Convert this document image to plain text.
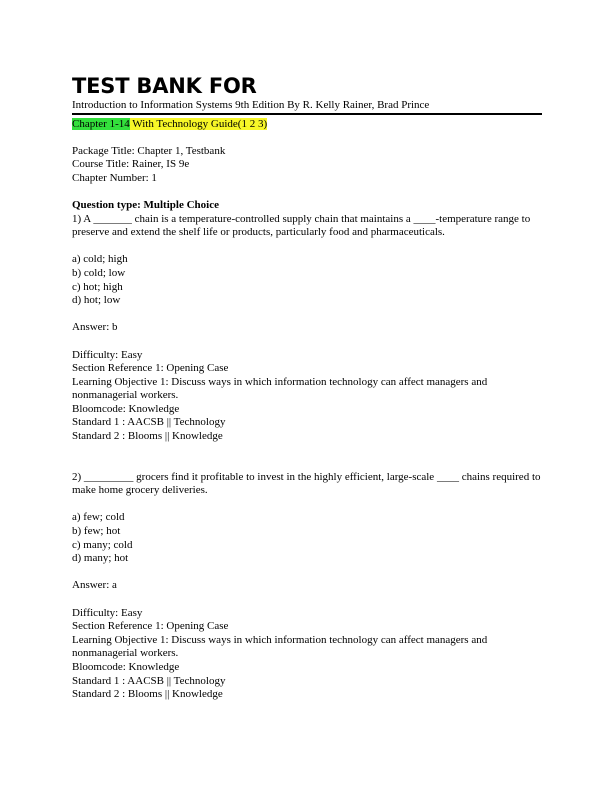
TEST BANK FOR
Introduction to Information Systems 9th Edition By R. Kelly Rainer, Brad Prince
Chapter 1-14 With Technology Guide(1 2 3)

Package Title: Chapter 1, Testbank

Course Title: Rainer, IS 9e

Chapter Number: 1

Question type: Multiple Choice

1) A _______ chain is a temperature-controlled supply chain that maintains a ____-temperature range to preserve and extend the shelf life or products, particularly food and pharmaceuticals.

a) cold; high

b) cold; low

c) hot; high

d) hot; low

Answer: b

Difficulty: Easy

Section Reference 1: Opening Case

Learning Objective 1: Discuss ways in which information technology can affect managers and nonmanagerial workers.

Bloomcode: Knowledge

Standard 1 : AACSB || Technology

Standard 2 : Blooms || Knowledge

2) _________ grocers find it profitable to invest in the highly efficient, large-scale ____ chains required to make home grocery deliveries.

a) few; cold

b) few; hot

c) many; cold

d) many; hot

Answer: a

Difficulty: Easy

Section Reference 1: Opening Case

Learning Objective 1: Discuss ways in which information technology can affect managers and nonmanagerial workers.

Bloomcode: Knowledge

Standard 1 : AACSB || Technology

Standard 2 : Blooms || Knowledge
